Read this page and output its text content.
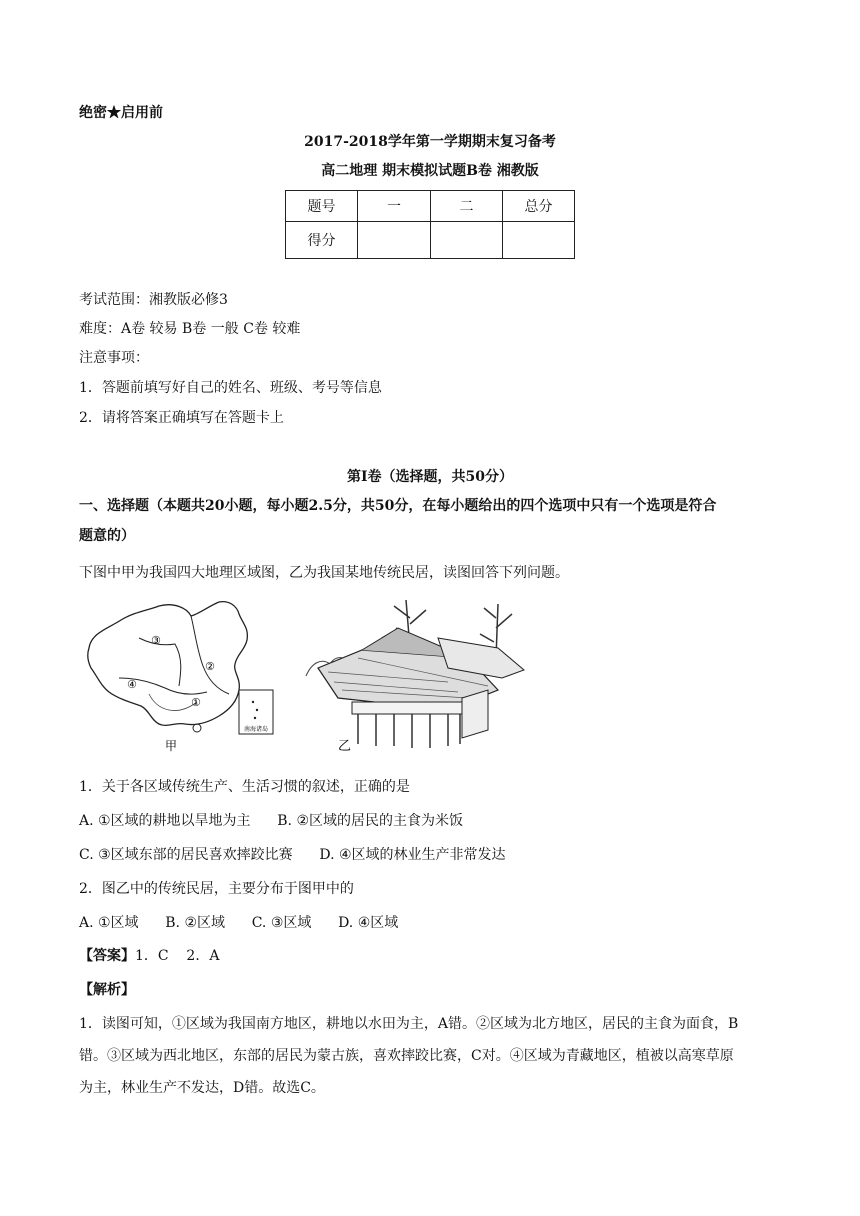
绝密★启用前
2017-2018学年第一学期期末复习备考
高二地理 期末模拟试题B卷 湘教版
题号	一	二	总分
得分			
考试范围：湘教版必修3
难度：A卷 较易 B卷 一般 C卷 较难
注意事项：
1．答题前填写好自己的姓名、班级、考号等信息
2．请将答案正确填写在答题卡上
第Ⅰ卷（选择题，共50分）
一、选择题（本题共20小题，每小题2.5分，共50分，在每小题给出的四个选项中只有一个选项是符合
题意的）
下图中甲为我国四大地理区域图，乙为我国某地传统民居，读图回答下列问题。
③
④
②
①
南海诸岛
甲	乙
1．关于各区域传统生产、生活习惯的叙述，正确的是
A. ①区域的耕地以旱地为主      B. ②区域的居民的主食为米饭
C. ③区域东部的居民喜欢摔跤比赛      D. ④区域的林业生产非常发达
2．图乙中的传统民居，主要分布于图甲中的
A. ①区域      B. ②区域      C. ③区域      D. ④区域
【答案】1．C    2．A
【解析】
1．读图可知，①区域为我国南方地区，耕地以水田为主，A错。②区域为北方地区，居民的主食为面食，B
错。③区域为西北地区，东部的居民为蒙古族，喜欢摔跤比赛，C对。④区域为青藏地区，植被以高寒草原
为主，林业生产不发达，D错。故选C。
